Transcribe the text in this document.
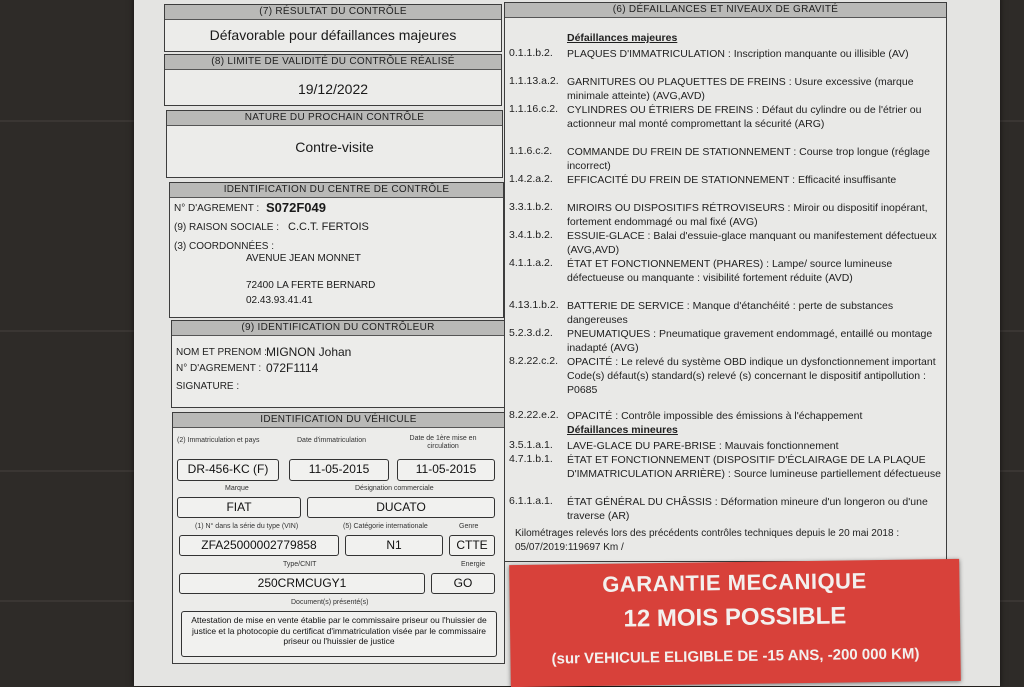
(7) RÉSULTAT DU CONTRÔLE
Défavorable pour défaillances majeures
(8) LIMITE DE VALIDITÉ DU CONTRÔLE RÉALISÉ
19/12/2022
NATURE DU PROCHAIN CONTRÔLE
Contre-visite
IDENTIFICATION DU CENTRE DE CONTRÔLE
N° D'AGREMENT : S072F049
(9) RAISON SOCIALE : C.C.T. FERTOIS
(3) COORDONNÉES :
AVENUE JEAN MONNET
72400 LA FERTE BERNARD
02.43.93.41.41
(9) IDENTIFICATION DU CONTRÔLEUR
NOM ET PRENOM : MIGNON Johan
N° D'AGREMENT : 072F1114
SIGNATURE :
IDENTIFICATION DU VÉHICULE
(2) Immatriculation et pays	Date d'immatriculation	Date de 1ère mise en circulation
DR-456-KC (F)	11-05-2015	11-05-2015
Marque	Désignation commerciale
FIAT	DUCATO
(1) N° dans la série du type (VIN)	(5) Catégorie internationale	Genre
ZFA25000002779858	N1	CTTE
Type/CNIT	Energie
250CRMCUGY1	GO
Document(s) présenté(s)
Attestation de mise en vente établie par le commissaire priseur ou l'huissier de justice et la photocopie du certificat d'immatriculation visée par le commissaire priseur ou l'huissier de justice
(6) DÉFAILLANCES ET NIVEAUX DE GRAVITÉ
Défaillances majeures
0.1.1.b.2.	PLAQUES D'IMMATRICULATION : Inscription manquante ou illisible (AV)
1.1.13.a.2. GARNITURES OU PLAQUETTES DE FREINS : Usure excessive (marque minimale atteinte) (AVG,AVD)
1.1.16.c.2. CYLINDRES OU ÉTRIERS DE FREINS : Défaut du cylindre ou de l'étrier ou actionneur mal monté compromettant la sécurité (ARG)
1.1.6.c.2.	COMMANDE DU FREIN DE STATIONNEMENT : Course trop longue (réglage incorrect)
1.4.2.a.2.	EFFICACITÉ DU FREIN DE STATIONNEMENT : Efficacité insuffisante
3.3.1.b.2.	MIROIRS OU DISPOSITIFS RÉTROVISEURS : Miroir ou dispositif inopérant, fortement endommagé ou mal fixé (AVG)
3.4.1.b.2.	ESSUIE-GLACE : Balai d'essuie-glace manquant ou manifestement défectueux (AVG,AVD)
4.1.1.a.2.	ÉTAT ET FONCTIONNEMENT (PHARES) : Lampe/ source lumineuse défectueuse ou manquante : visibilité fortement réduite (AVD)
4.13.1.b.2. BATTERIE DE SERVICE : Manque d'étanchéité : perte de substances dangereuses
5.2.3.d.2.	PNEUMATIQUES : Pneumatique gravement endommagé, entaillé ou montage inadapté (AVG)
8.2.22.c.2. OPACITÉ : Le relevé du système OBD indique un dysfonctionnement important Code(s) défaut(s) standard(s) relevé (s) concernant le dispositif antipollution : P0685
8.2.22.e.2. OPACITÉ : Contrôle impossible des émissions à l'échappement
Défaillances mineures
3.5.1.a.1.	LAVE-GLACE DU PARE-BRISE : Mauvais fonctionnement
4.7.1.b.1.	ÉTAT ET FONCTIONNEMENT (DISPOSITIF D'ÉCLAIRAGE DE LA PLAQUE D'IMMATRICULATION ARRIÈRE) : Source lumineuse partiellement défectueuse
6.1.1.a.1.	ÉTAT GÉNÉRAL DU CHÂSSIS : Déformation mineure d'un longeron ou d'une traverse (AR)
Kilométrages relevés lors des précédents contrôles techniques depuis le 20 mai 2018 :
05/07/2019:119697 Km /
GARANTIE MECANIQUE
12 MOIS POSSIBLE
(sur VEHICULE ELIGIBLE DE -15 ANS, -200 000 KM)
